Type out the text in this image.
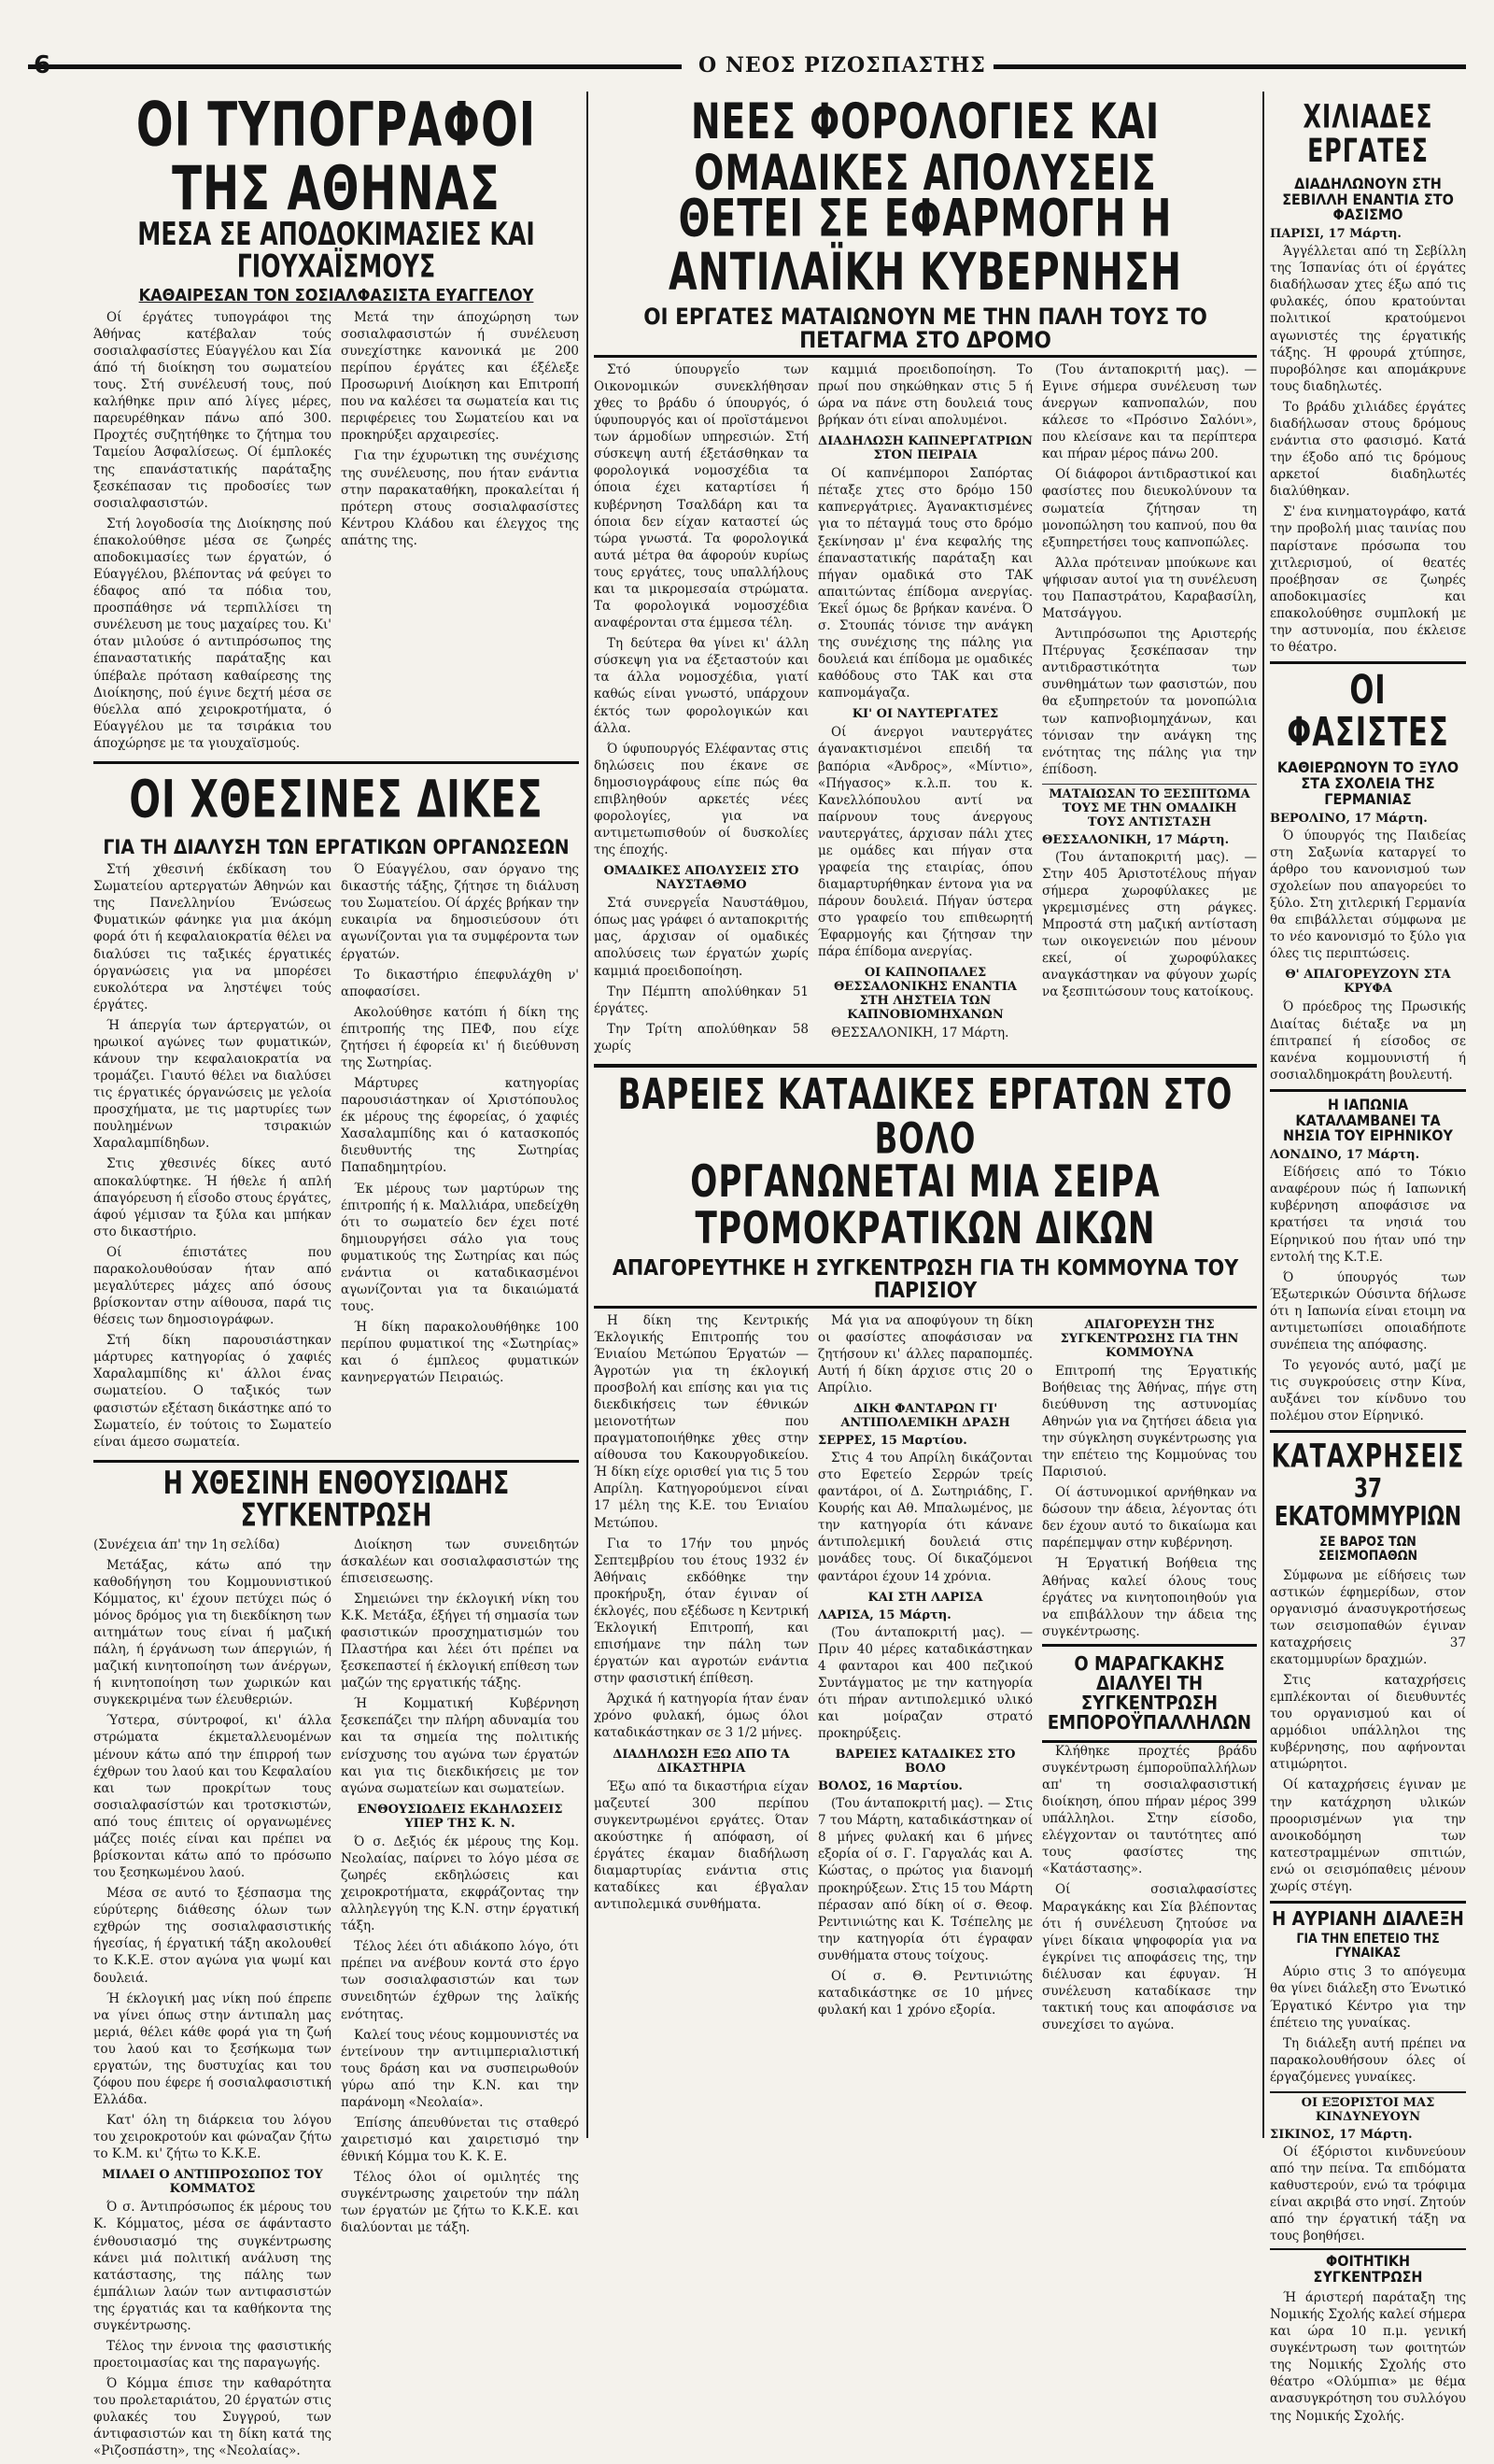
6	Ο ΝΕΟΣ ΡΙΖΟΣΠΑΣΤΗΣ
ΟΙ ΤΥΠΟΓΡΑΦΟΙ ΤΗΣ ΑΘΗΝΑΣ
ΜΕΣΑ ΣΕ ΑΠΟΔΟΚΙΜΑΣΙΕΣ ΚΑΙ ΓΙΟΥΧΑΪΣΜΟΥΣ
ΚΑΘΑΙΡΕΣΑΝ ΤΟΝ ΣΟΣΙΑΛΦΑΣΙΣΤΑ ΕΥΑΓΓΕΛΟΥ

Οί έργάτες τυπογράφοι της Άθήνας κατέβαλαν τούς σοσιαλφασίστες Εύαγγέλου και Σία άπό τή διοίκηση του σωματείου τους. Στή συνέλευσή τους, πού καλήθηκε πριν από λίγες μέρες, παρευρέθηκαν πάνω από 300. Προχτές συζητήθηκε το ζήτημα του Ταμείου Άσφαλίσεως. Οί έμπλοκές της επανάστατικής παράταξης ξεσκέπασαν τις προδοσίες των σοσιαλφασιστών.

Στή λογοδοσία της Διοίκησης πού έπακολούθησε μέσα σε ζωηρές αποδοκιμασίες των έργατών, ό Εύαγγέλου, βλέποντας νά φεύγει το έδαφος από τα πόδια του, προσπάθησε νά τερπιλλίσει τη συνέλευση με τους μαχαίρες του. Κι' όταν μιλούσε ό αντιπρόσωπος της έπαναστατικής παράταξης και ύπέβαλε πρόταση καθαίρεσης της Διοίκησης, πού έγινε δεχτή μέσα σε θύελλα από χειροκροτήματα, ό Εύαγγέλου με τα τσιράκια του άποχώρησε με τα γιουχαϊσμούς.

Μετά την άποχώρηση των σοσιαλφασιστών ή συνέλευση συνεχίστηκε κανονικά με 200 περίπου έργάτες και έξέλεξε Προσωρινή Διοίκηση και Επιτροπή που να καλέσει τα σωματεία και τις περιφέρειες του Σωματείου και να προκηρύξει αρχαιρεσίες.

Για την έχυρωτικη της συνέχισης της συνέλευσης, που ήταν ενάντια στην παρακαταθήκη, προκαλείται ή πρότερη στους σοσιαλφασίστες Κέντρου Κλάδου και έλεγχος της απάτης της.

ΟΙ ΧΘΕΣΙΝΕΣ ΔΙΚΕΣ
ΓΙΑ ΤΗ ΔΙΑΛΥΣΗ ΤΩΝ ΕΡΓΑΤΙΚΩΝ ΟΡΓΑΝΩΣΕΩΝ

Στή χθεσινή έκδίκαση του Σωματείου αρτεργατών Άθηνών και της Πανελληνίου Ένώσεως Φυματικών φάνηκε για μια άκόμη φορά ότι ή κεφαλαιοκρατία θέλει να διαλύσει τις ταξικές έργατικές όργανώσεις για να μπορέσει ευκολότερα να ληστέψει τούς έργάτες.

Ή άπεργία των άρτεργατών, οι ηρωικοί αγώνες των φυματικών, κάνουν την κεφαλαιοκρατία να τρομάζει. Γιαυτό θέλει να διαλύσει τις έργατικές όργανώσεις με γελοία προσχήματα, με τις μαρτυρίες των πουλημένων τσιρακιών Χαραλαμπίδηδων.

Στις χθεσινές δίκες αυτό αποκαλύφτηκε. Ή ήθελε ή απλή άπαγόρευση ή εΐσοδο στους έργάτες, άφού γέμισαν τα ξύλα και μπήκαν στο δικαστήριο.

Οί έπιστάτες που παρακολουθούσαν ήταν από μεγαλύτερες μάχες από όσους βρίσκονταν στην αίθουσα, παρά τις θέσεις των δημοσιογράφων.

Στή δίκη παρουσιάστηκαν μάρτυρες κατηγορίας ό χαφιές Χαραλαμπίδης κι' άλλοι ένας σωματείου. Ο ταξικός των φασιστών εξέταση δικάστηκε από το Σωματείο, έν τούτοις το Σωματείο είναι άμεσο σωματεία.

Ό Εύαγγέλου, σαν όργανο της δικαστής τάξης, ζήτησε τη διάλυση του Σωματείου. Οί άρχές βρήκαν την ευκαιρία να δημοσιεύσουν ότι αγωνίζονται για τα συμφέροντα των έργατών.

Το δικαστήριο έπεφυλάχθη ν' αποφασίσει.

Ακολούθησε κατόπι ή δίκη της έπιτροπής της ΠΕΦ, που είχε ζητήσει ή έφορεία κι' ή διεύθυνση της Σωτηρίας.

Μάρτυρες κατηγορίας παρουσιάστηκαν οί Χριστόπουλος έκ μέρους της έφορείας, ό χαφιές Χασαλαμπίδης και ό κατασκοπός διευθυντής της Σωτηρίας Παπαδημητρίου.

Έκ μέρους των μαρτύρων της έπιτροπής ή κ. Μαλλιάρα, υπεδείχθη ότι το σωματείο δεν έχει ποτέ δημιουργήσει σάλο για τους φυματικούς της Σωτηρίας και πώς ενάντια οι καταδικασμένοι αγωνίζονται για τα δικαιώματά τους.

Ή δίκη παρακολουθήθηκε 100 περίπου φυματικοί της «Σωτηρίας» και ό έμπλεος φυματικών κανηνεργατών Πειραιώς.

Η ΧΘΕΣΙΝΗ ΕΝΘΟΥΣΙΩΔΗΣ ΣΥΓΚΕΝΤΡΩΣΗ

(Συνέχεια άπ' την 1η σελίδα)

Μετάξας, κάτω από την καθοδήγηση του Κομμουνιστικού Κόμματος, κι' έχουν πετύχει πώς ό μόνος δρόμος για τη διεκδίκηση των αιτημάτων τους είναι ή μαζική πάλη, ή έργάνωση των άπεργιών, ή μαζική κινητοποίηση των άνέργων, ή κινητοποίηση των χωρικών και συγκεκριμένα των έλευθεριών.

Ύστερα, σύντροφοί, κι' άλλα στρώματα έκμεταλλευομένων μένουν κάτω από την έπιρροή των έχθρων του λαού και του Κεφαλαίου και των προκρίτων τους σοσιαλφασίστών και τροτσκιστών, από τους έπιτεις οί οργανωμένες μάζες ποιές είναι και πρέπει να βρίσκονται κάτω από το πρόσωπο του ξεσηκωμένου λαού.

Μέσα σε αυτό το ξέσπασμα της εύρύτερης διάθεσης όλων των εχθρών της σοσιαλφασιστικής ήγεσίας, ή έργατική τάξη ακολουθεί το Κ.Κ.Ε. στον αγώνα για ψωμί και δουλειά.

Ή έκλογική μας νίκη πού έπρεπε να γίνει όπως στην άντιπαλη μας μεριά, θέλει κάθε φορά για τη ζωή του λαού και το ξεσήκωμα των εργατών, της δυστυχίας και του ζόφου που έφερε ή σοσιαλφασιστική Ελλάδα.

Κατ' όλη τη διάρκεια του λόγου του χειροκροτούν και φώναζαν ζήτω το Κ.Μ. κι' ζήτω το Κ.Κ.Ε.

ΜΙΛΑΕΙ Ο ΑΝΤΙΠΡΟΣΩΠΟΣ ΤΟΥ ΚΟΜΜΑΤΟΣ

Ό σ. Άντιπρόσωπος έκ μέρους του Κ. Κόμματος, μέσα σε άφάνταστο ένθουσιασμό της συγκέντρωσης κάνει μιά πολιτική ανάλυση της κατάστασης, της πάλης των έμπάλιων λαών των αντιφασιστών της έργατιάς και τα καθήκοντα της συγκέντρωσης.

Τέλος την έννοια της φασιστικής προετοιμασίας και της παραγωγής.

Ό Κόμμα έπισε την καθαρότητα του προλεταριάτου, 20 έργατών στις φυλακές του Συγγρού, των άντιφασιστών και τη δίκη κατά της «Ριζοσπάστη», της «Νεολαίας».

Διοίκηση των συνειδητών άσκαλέων και σοσιαλφασιστών της έπισεισεωσης.

Σημειώνει την έκλογική νίκη του Κ.Κ. Μετάξα, έξήγει τή σημασία των φασιστικών προσχηματισμών του Πλαστήρα και λέει ότι πρέπει να ξεσκεπαστεί ή έκλογική επίθεση των μαζών της εργατικής τάξης.

Ή Κομματική Κυβέρνηση ξεσκεπάζει την πλήρη αδυναμία του και τα σημεία της πολιτικής ενίσχυσης του αγώνα των έργατών και για τις διεκδικήσεις με τον αγώνα σωματείων και σωματείων.

ΕΝΘΟΥΣΙΩΔΕΙΣ ΕΚΔΗΛΩΣΕΙΣ ΥΠΕΡ ΤΗΣ Κ. Ν.

Ό σ. Δεξιός έκ μέρους της Κομ. Νεολαίας, παίρνει το λόγο μέσα σε ζωηρές εκδηλώσεις και χειροκροτήματα, εκφράζοντας την αλληλεγγύη της Κ.Ν. στην έργατική τάξη.

Τέλος λέει ότι αδιάκοπο λόγο, ότι πρέπει να ανέβουν κοντά στο έργο των σοσιαλφασιστών και των συνειδητών έχθρων της λαϊκής ενότητας.

Καλεί τους νέους κομμουνιστές να έντείνουν την αντιιμπεριαλιστική τους δράση και να συσπειρωθούν γύρω από την Κ.Ν. και την παράνομη «Νεολαία».

Έπίσης άπευθύνεται τις σταθερό χαιρετισμό και χαιρετισμό την έθνική Κόμμα του Κ. Κ. Ε.

Τέλος όλοι οί ομιλητές της συγκέντρωσης χαιρετούν την πάλη των έργατών με ζήτω το Κ.Κ.Ε. και διαλύονται με τάξη.

ΝΕΕΣ ΦΟΡΟΛΟΓΙΕΣ ΚΑΙ ΟΜΑΔΙΚΕΣ ΑΠΟΛΥΣΕΙΣ
ΘΕΤΕΙ ΣΕ ΕΦΑΡΜΟΓΗ Η ΑΝΤΙΛΑΪΚΗ ΚΥΒΕΡΝΗΣΗ
ΟΙ ΕΡΓΑΤΕΣ ΜΑΤΑΙΩΝΟΥΝ ΜΕ ΤΗΝ ΠΑΛΗ ΤΟΥΣ ΤΟ ΠΕΤΑΓΜΑ ΣΤΟ ΔΡΟΜΟ

Στό ύπουργεΐο των Οικονομικών συνεκλήθησαν χθες το βράδυ ό ύπουργός, ό ύφυπουργός και οί προϊστάμενοι των άρμοδίων υπηρεσιών. Στή σύσκεψη αυτή έξετάσθηκαν τα φορολογικά νομοσχέδια τα όποια έχει καταρτίσει ή κυβέρνηση Τσαλδάρη και τα όποια δεν είχαν καταστεί ώς τώρα γνωστά. Τα φορολογικά αυτά μέτρα θα άφορούν κυρίως τους εργάτες, τους υπαλλήλους και τα μικρομεσαία στρώματα. Τα φορολογικά νομοσχέδια αναφέρονται στα έμμεσα τέλη.

Τη δεύτερα θα γίνει κι' άλλη σύσκεψη για να έξεταστούν και τα άλλα νομοσχέδια, γιατί καθώς είναι γνωστό, υπάρχουν έκτός των φορολογικών και άλλα.

Ό ύφυπουργός Ελέφαντας στις δηλώσεις που έκανε σε δημοσιογράφους είπε πώς θα επιβληθούν αρκετές νέες φορολογίες, για να αντιμετωπισθούν οί δυσκολίες της έποχής.

ΟΜΑΔΙΚΕΣ ΑΠΟΛΥΣΕΙΣ ΣΤΟ ΝΑΥΣΤΑΘΜΟ

Στά συνεργεΐα Ναυστάθμου, όπως μας γράφει ό ανταποκριτής μας, άρχισαν οί ομαδικές απολύσεις των έργατών χωρίς καμμιά προειδοποίηση.

Την Πέμπτη απολύθηκαν 51 έργάτες.

Την Τρίτη απολύθηκαν 58 χωρίς

καμμιά προειδοποίηση. Το πρωί που σηκώθηκαν στις 5 ή ώρα να πάνε στη δουλειά τους βρήκαν ότι είναι απολυμένοι.

ΔΙΑΔΗΛΩΣΗ ΚΑΠΝΕΡΓΑΤΡΙΩΝ ΣΤΟΝ ΠΕΙΡΑΙΑ

Οί καπνέμποροι Σαπόρτας πέταξε χτες στο δρόμο 150 καπνεργάτριες. Άγανακτισμένες για το πέταγμά τους στο δρόμο ξεκίνησαν μ' ένα κεφαλής της έπαναστατικής παράταξη και πήγαν ομαδικά στο ΤΑΚ απαιτώντας έπίδομα ανεργίας. Έκεΐ όμως δε βρήκαν κανένα. Ό σ. Στουπάς τόνισε την ανάγκη της συνέχισης της πάλης για δουλειά και έπίδομα με ομαδικές καθόδους στο ΤΑΚ και στα καπνομάγαζα.

ΚΙ' ΟΙ ΝΑΥΤΕΡΓΑΤΕΣ

Οί άνεργοι ναυτεργάτες άγανακτισμένοι επειδή τα βαπόρια «Άνδρος», «Μίντιο», «Πήγασος» κ.λ.π. του κ. Κανελλόπουλου αντί να παίρνουν τους άνεργους ναυτεργάτες, άρχισαν πάλι χτες με ομάδες και πήγαν στα γραφεία της εταιρίας, όπου διαμαρτυρήθηκαν έντονα για να πάρουν δουλειά. Πήγαν ύστερα στο γραφείο του επιθεωρητή Έφαρμογής και ζήτησαν την πάρα έπίδομα ανεργίας.

ΟΙ ΚΑΠΝΟΠΑΛΕΣ ΘΕΣΣΑΛΟΝΙΚΗΣ ΕΝΑΝΤΙΑ ΣΤΗ ΛΗΣΤΕΙΑ ΤΩΝ ΚΑΠΝΟΒΙΟΜΗΧΑΝΩΝ

ΘΕΣΣΑΛΟΝΙΚΗ, 17 Μάρτη.

(Του άνταποκριτή μας). — Εγινε σήμερα συνέλευση των άνεργων καπνοπαλών, που κάλεσε το «Πρόσινο Σαλόνι», που κλείσανε και τα περίπτερα και πήραν μέρος πάνω 200.

Οί διάφοροι άντιδραστικοί και φασίστες που διευκολύνουν τα σωματεία ζήτησαν τη μονοπώληση του καπνού, που θα εξυπηρετήσει τους καπνοπώλες.

Άλλα πρότειναν μπούκωνε και ψήφισαν αυτοί για τη συνέλευση του Παπαστράτου, Καραβασίλη, Ματσάγγου.

Άντιπρόσωποι της Αριστερής Πτέρυγας ξεσκέπασαν την αντιδραστικότητα των συνθημάτων των φασιστών, που θα εξυπηρετούν τα μονοπώλια των καπνοβιομηχάνων, και τόνισαν την ανάγκη της ενότητας της πάλης για την έπίδοση.

ΜΑΤΑΙΩΣΑΝ ΤΟ ΞΕΣΠΙΤΩΜΑ ΤΟΥΣ ΜΕ ΤΗΝ ΟΜΑΔΙΚΗ ΤΟΥΣ ΑΝΤΙΣΤΑΣΗ

ΘΕΣΣΑΛΟΝΙΚΗ, 17 Μάρτη.

(Του άνταποκριτή μας). — Στην 405 Άριστοτέλους πήγαν σήμερα χωροφύλακες με γκρεμισμένες στη ράγκες. Μπροστά στη μαζική αντίσταση των οικογενειών που μένουν εκεί, οί χωροφύλακες αναγκάστηκαν να φύγουν χωρίς να ξεσπιτώσουν τους κατοίκους.

ΒΑΡΕΙΕΣ ΚΑΤΑΔΙΚΕΣ ΕΡΓΑΤΩΝ ΣΤΟ ΒΟΛΟ
ΟΡΓΑΝΩΝΕΤΑΙ ΜΙΑ ΣΕΙΡΑ ΤΡΟΜΟΚΡΑΤΙΚΩΝ ΔΙΚΩΝ
ΑΠΑΓΟΡΕΥΤΗΚΕ Η ΣΥΓΚΕΝΤΡΩΣΗ ΓΙΑ ΤΗ ΚΟΜΜΟΥΝΑ ΤΟΥ ΠΑΡΙΣΙΟΥ

Η δίκη της Κεντρικής Έκλογικής Επιτροπής του Ένιαίου Μετώπου Έργατών — Άγροτών για τη έκλογική προσβολή και επίσης και για τις διεκδικήσεις των έθνικών μειονοτήτων που πραγματοποιήθηκε χθες στην αίθουσα του Κακουργοδικείου. Ή δίκη είχε ορισθεί για τις 5 του Απρίλη. Κατηγορούμενοι είναι 17 μέλη της Κ.Ε. του Ένιαίου Μετώπου.

Για το 17ήν του μηνός Σεπτεμβρίου του έτους 1932 έν Άθήναις εκδόθηκε την προκήρυξη, όταν έγιναν οί έκλογές, που εξέδωσε η Κεντρική Έκλογική Επιτροπή, και επισήμανε την πάλη των έργατών και αγροτών ενάντια στην φασιστική έπίθεση.

Άρχικά ή κατηγορία ήταν έναν χρόνο φυλακή, όμως όλοι καταδικάστηκαν σε 3 1/2 μήνες.

ΔΙΑΔΗΛΩΣΗ ΕΞΩ ΑΠΟ ΤΑ ΔΙΚΑΣΤΗΡΙΑ

Έξω από τα δικαστήρια είχαν μαζευτεί 300 περίπου συγκεντρωμένοι εργάτες. Όταν ακούστηκε ή απόφαση, οί έργάτες έκαμαν διαδήλωση διαμαρτυρίας ενάντια στις καταδίκες και έβγαλαν αντιπολεμικά συνθήματα.

Μά για να αποφύγουν τη δίκη οι φασίστες αποφάσισαν να ζητήσουν κι' άλλες παραπομπές. Αυτή ή δίκη άρχισε στις 20 ο Απρίλιο.

ΔΙΚΗ ΦΑΝΤΑΡΩΝ ΓΙ' ΑΝΤΙΠΟΛΕΜΙΚΗ ΔΡΑΣΗ

ΣΕΡΡΕΣ, 15 Μαρτίου.

Στις 4 του Απρίλη δικάζονται στο Εφετείο Σερρών τρείς φαντάροι, οί Δ. Σωτηριάδης, Γ. Κουρής και Αθ. Μπαλωμένος, με την κατηγορία ότι κάνανε άντιπολεμική δουλειά στις μονάδες τους. Οί δικαζόμενοι φαντάροι έχουν 14 χρόνια.

ΚΑΙ ΣΤΗ ΛΑΡΙΣΑ

ΛΑΡΙΣΑ, 15 Μάρτη.

(Του άνταποκριτή μας). — Πριν 40 μέρες καταδικάστηκαν 4 φανταροι και 400 πεζικού Συντάγματος με την κατηγορία ότι πήραν αντιπολεμικό υλικό και μοίραζαν στρατό προκηρύξεις.

ΒΑΡΕΙΕΣ ΚΑΤΑΔΙΚΕΣ ΣΤΟ ΒΟΛΟ

ΒΟΛΟΣ, 16 Μαρτίου.

(Του άνταποκριτή μας). — Στις 7 του Μάρτη, καταδικάστηκαν οί 8 μήνες φυλακή και 6 μήνες εξορία οί σ. Γ. Γαργαλάς και Α. Κώστας, ο πρώτος για διανομή προκηρύξεων. Στις 15 του Μάρτη πέρασαν από δίκη οί σ. Θεοφ. Ρεντινιώτης και Κ. Τσέπελης με την κατηγορία ότι έγραφαν συνθήματα στους τοίχους.

Οί σ. Θ. Ρεντινιώτης καταδικάστηκε σε 10 μήνες φυλακή και 1 χρόνο εξορία.

ΑΠΑΓΟΡΕΥΣΗ ΤΗΣ ΣΥΓΚΕΝΤΡΩΣΗΣ ΓΙΑ ΤΗΝ ΚΟΜΜΟΥΝΑ

Επιτροπή της Έργατικής Βοήθειας της Άθήνας, πήγε στη διεύθυνση της αστυνομίας Αθηνών για να ζητήσει άδεια για την σύγκληση συγκέντρωσης για την επέτειο της Κομμούνας του Παρισιού.

Οί άστυνομικοί αρνήθηκαν να δώσουν την άδεια, λέγοντας ότι δεν έχουν αυτό το δικαίωμα και παρέπεμψαν στην κυβέρνηση.

Ή Έργατική Βοήθεια της Άθήνας καλεί όλους τους έργάτες να κινητοποιηθούν για να επιβάλλουν την άδεια της συγκέντρωσης.

Ο ΜΑΡΑΓΚΑΚΗΣ ΔΙΑΛΥΕΙ ΤΗ ΣΥΓΚΕΝΤΡΩΣΗ ΕΜΠΟΡΟΫΠΑΛΛΗΛΩΝ

Κλήθηκε προχτές βράδυ συγκέντρωση έμποροϋπαλλήλων απ' τη σοσιαλφασιστική διοίκηση, όπου πήραν μέρος 399 υπάλληλοι. Στην είσοδο, ελέγχονταν οι ταυτότητες από τους φασίστες της «Κατάστασης».

Οί σοσιαλφασίστες Μαραγκάκης και Σία βλέποντας ότι ή συνέλευση ζητούσε να γίνει δίκαια ψηφοφορία για να έγκρίνει τις αποφάσεις της, την διέλυσαν και έφυγαν. Ή συνέλευση καταδίκασε την τακτική τους και αποφάσισε να συνεχίσει το αγώνα.

ΧΙΛΙΑΔΕΣ ΕΡΓΑΤΕΣ
ΔΙΑΔΗΛΩΝΟΥΝ ΣΤΗ ΣΕΒΙΛΛΗ ΕΝΑΝΤΙΑ ΣΤΟ ΦΑΣΙΣΜΟ

ΠΑΡΙΣΙ, 17 Μάρτη.

Άγγέλλεται από τη Σεβίλλη της Ίσπανίας ότι οί έργάτες διαδήλωσαν χτες έξω από τις φυλακές, όπου κρατούνται πολιτικοί κρατούμενοι αγωνιστές της έργατικής τάξης. Ή φρουρά χτύπησε, πυροβόλησε και απομάκρυνε τους διαδηλωτές.

Το βράδυ χιλιάδες έργάτες διαδήλωσαν στους δρόμους ενάντια στο φασισμό. Κατά την έξοδο από τις δρόμους αρκετοί διαδηλωτές διαλύθηκαν.

Σ' ένα κινηματογράφο, κατά την προβολή μιας ταινίας που παρίστανε πρόσωπα του χιτλερισμού, οί θεατές προέβησαν σε ζωηρές αποδοκιμασίες και επακολούθησε συμπλοκή με την αστυνομία, που έκλεισε το θέατρο.

ΟΙ ΦΑΣΙΣΤΕΣ
ΚΑΘΙΕΡΩΝΟΥΝ ΤΟ ΞΥΛΟ ΣΤΑ ΣΧΟΛΕΙΑ ΤΗΣ ΓΕΡΜΑΝΙΑΣ

ΒΕΡΟΛΙΝΟ, 17 Μάρτη.

Ό ύπουργός της Παιδείας στη Σαξωνία καταργεί το άρθρο του κανονισμού των σχολείων που απαγορεύει το ξύλο. Στη χιτλερική Γερμανία θα επιβάλλεται σύμφωνα με το νέο κανονισμό το ξύλο για όλες τις περιπτώσεις.

Θ' ΑΠΑΓΟΡΕΥΖΟΥΝ ΣΤΑ ΚΡΥΦΑ

Ό πρόεδρος της Πρωσικής Διαίτας διέταξε να μη έπιτραπεί ή είσοδος σε κανένα κομμουνιστή ή σοσιαλδημοκράτη βουλευτή.

Η ΙΑΠΩΝΙΑ ΚΑΤΑΛΑΜΒΑΝΕΙ ΤΑ ΝΗΣΙΑ ΤΟΥ ΕΙΡΗΝΙΚΟΥ

ΛΟΝΔΙΝΟ, 17 Μάρτη.

Είδήσεις από το Τόκιο αναφέρουν πώς ή Ιαπωνική κυβέρνηση αποφάσισε να κρατήσει τα νησιά του Είρηνικού που ήταν υπό την εντολή της Κ.Τ.Ε.

Ό ύπουργός των Έξωτερικών Ούσιντα δήλωσε ότι η Ιαπωνία είναι ετοιμη να αντιμετωπίσει οποιαδήποτε συνέπεια της απόφασης.

Το γεγονός αυτό, μαζί με τις συγκρούσεις στην Κίνα, αυξάνει τον κίνδυνο του πολέμου στον Είρηνικό.

ΚΑΤΑΧΡΗΣΕΙΣ
37 ΕΚΑΤΟΜΜΥΡΙΩΝ
ΣΕ ΒΑΡΟΣ ΤΩΝ ΣΕΙΣΜΟΠΑΘΩΝ

Σύμφωνα με είδήσεις των αστικών έφημερίδων, στον οργανισμό άνασυγκροτήσεως των σεισμοπαθών έγιναν καταχρήσεις 37 εκατομμυρίων δραχμών.

Στις καταχρήσεις εμπλέκονται οί διευθυντές του οργανισμού και οί αρμόδιοι υπάλληλοι της κυβέρνησης, που αφήνονται ατιμώρητοι.

Οί καταχρήσεις έγιναν με την κατάχρηση υλικών προορισμένων για την ανοικοδόμηση των κατεστραμμένων σπιτιών, ενώ οι σεισμόπαθεις μένουν χωρίς στέγη.

Η ΑΥΡΙΑΝΗ ΔΙΑΛΕΞΗ
ΓΙΑ ΤΗΝ ΕΠΕΤΕΙΟ ΤΗΣ ΓΥΝΑΙΚΑΣ

Αύριο στις 3 το απόγευμα θα γίνει διάλεξη στο Ένωτικό Έργατικό Κέντρο για την έπέτειο της γυναίκας.

Τη διάλεξη αυτή πρέπει να παρακολουθήσουν όλες οί έργαζόμενες γυναίκες.

ΟΙ ΕΞΟΡΙΣΤΟΙ ΜΑΣ ΚΙΝΔΥΝΕΥΟΥΝ

ΣΙΚΙΝΟΣ, 17 Μάρτη.

Οί έξόριστοι κινδυνεύουν από την πείνα. Τα επιδόματα καθυστερούν, ενώ τα τρόφιμα είναι ακριβά στο νησί. Ζητούν από την έργατική τάξη να τους βοηθήσει.

ΦΟΙΤΗΤΙΚΗ ΣΥΓΚΕΝΤΡΩΣΗ

Ή άριστερή παράταξη της Νομικής Σχολής καλεί σήμερα και ώρα 10 π.μ. γενική συγκέντρωση των φοιτητών της Νομικής Σχολής στο θέατρο «Ολύμπια» με θέμα ανασυγκρότηση του συλλόγου της Νομικής Σχολής.
